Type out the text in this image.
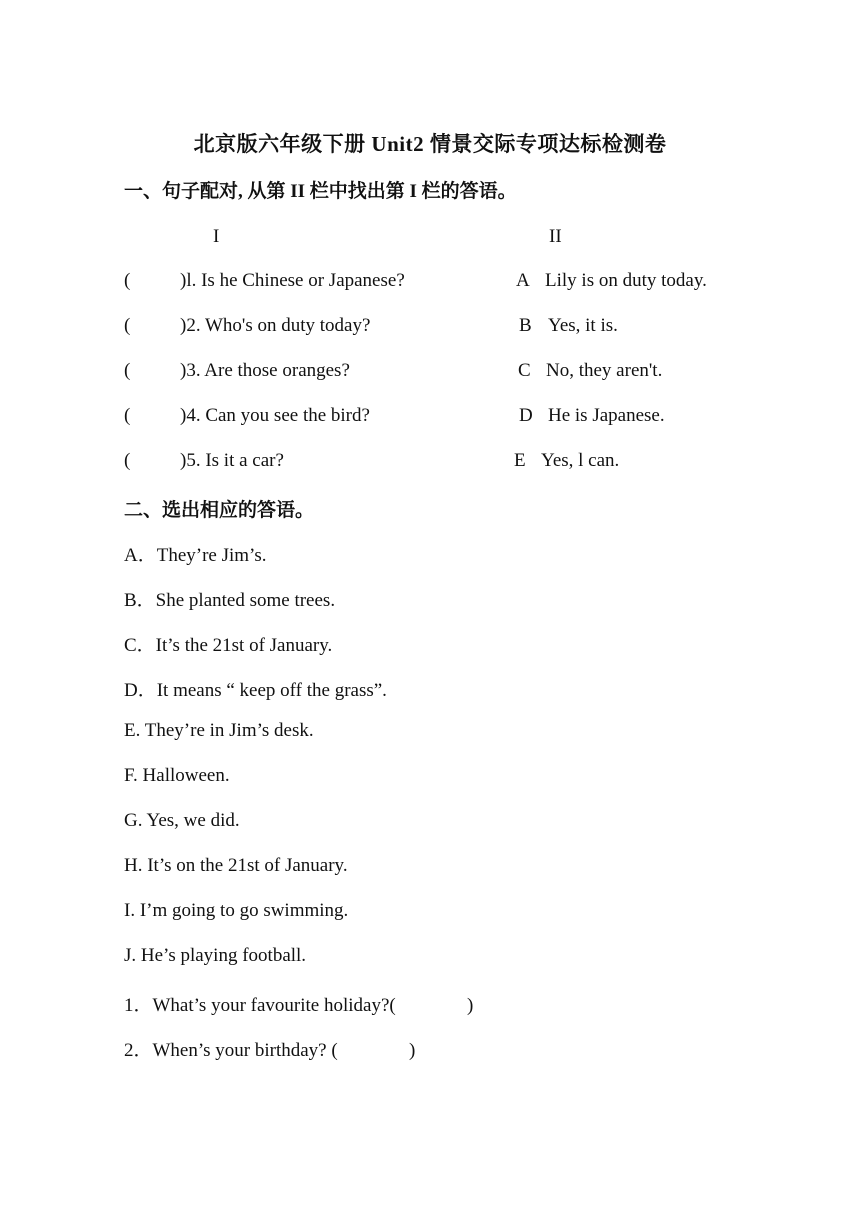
北京版六年级下册 Unit2 情景交际专项达标检测卷
一、句子配对, 从第 II 栏中找出第 I 栏的答语。
I	II
(	)l. Is he Chinese or Japanese?	A Lily is on duty today.
(	)2. Who's on duty today?	B Yes, it is.
(	)3. Are those oranges?	C No, they aren't.
(	)4. Can you see the bird?	D He is Japanese.
(	)5. Is it a car?	E Yes, l can.
二、选出相应的答语。
A．They’re Jim’s.
B．She planted some trees.
C．It’s the 21st of January.
D．It means “ keep off the grass”.
E. They’re in Jim’s desk.
F. Halloween.
G. Yes, we did.
H. It’s on the 21st of January.
I. I’m going to go swimming.
J. He’s playing football.
1．What’s your favourite holiday?(               )
2．When’s your birthday? (               )
